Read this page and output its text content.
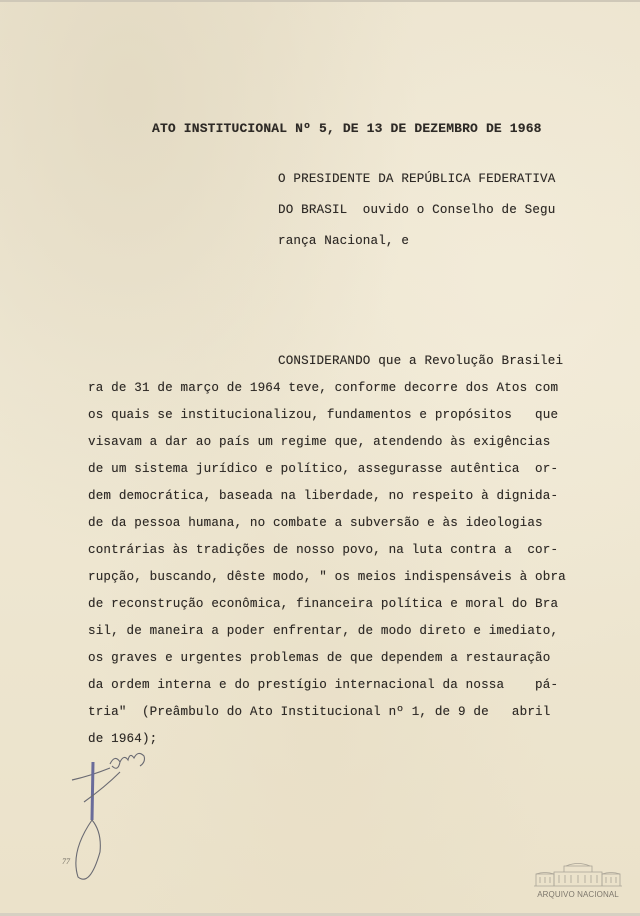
ATO INSTITUCIONAL Nº 5, DE 13 DE DEZEMBRO DE 1968
O PRESIDENTE DA REPÚBLICA FEDERATIVA
DO BRASIL  ouvido o Conselho de Segu
rança Nacional, e
CONSIDERANDO que a Revolução Brasilei
ra de 31 de março de 1964 teve, conforme decorre dos Atos com
os quais se institucionalizou, fundamentos e propósitos   que
visavam a dar ao país um regime que, atendendo às exigências
de um sistema jurídico e político, assegurasse autêntica  or-
dem democrática, baseada na liberdade, no respeito à dignida-
de da pessoa humana, no combate a subversão e às ideologias
contrárias às tradições de nosso povo, na luta contra a  cor-
rupção, buscando, dêste modo, " os meios indispensáveis à obra
de reconstrução econômica, financeira política e moral do Bra
sil, de maneira a poder enfrentar, de modo direto e imediato,
os graves e urgentes problemas de que dependem a restauração
da ordem interna e do prestígio internacional da nossa    pá-
tria"  (Preâmbulo do Ato Institucional nº 1, de 9 de   abril
de 1964);
77
ARQUIVO NACIONAL
